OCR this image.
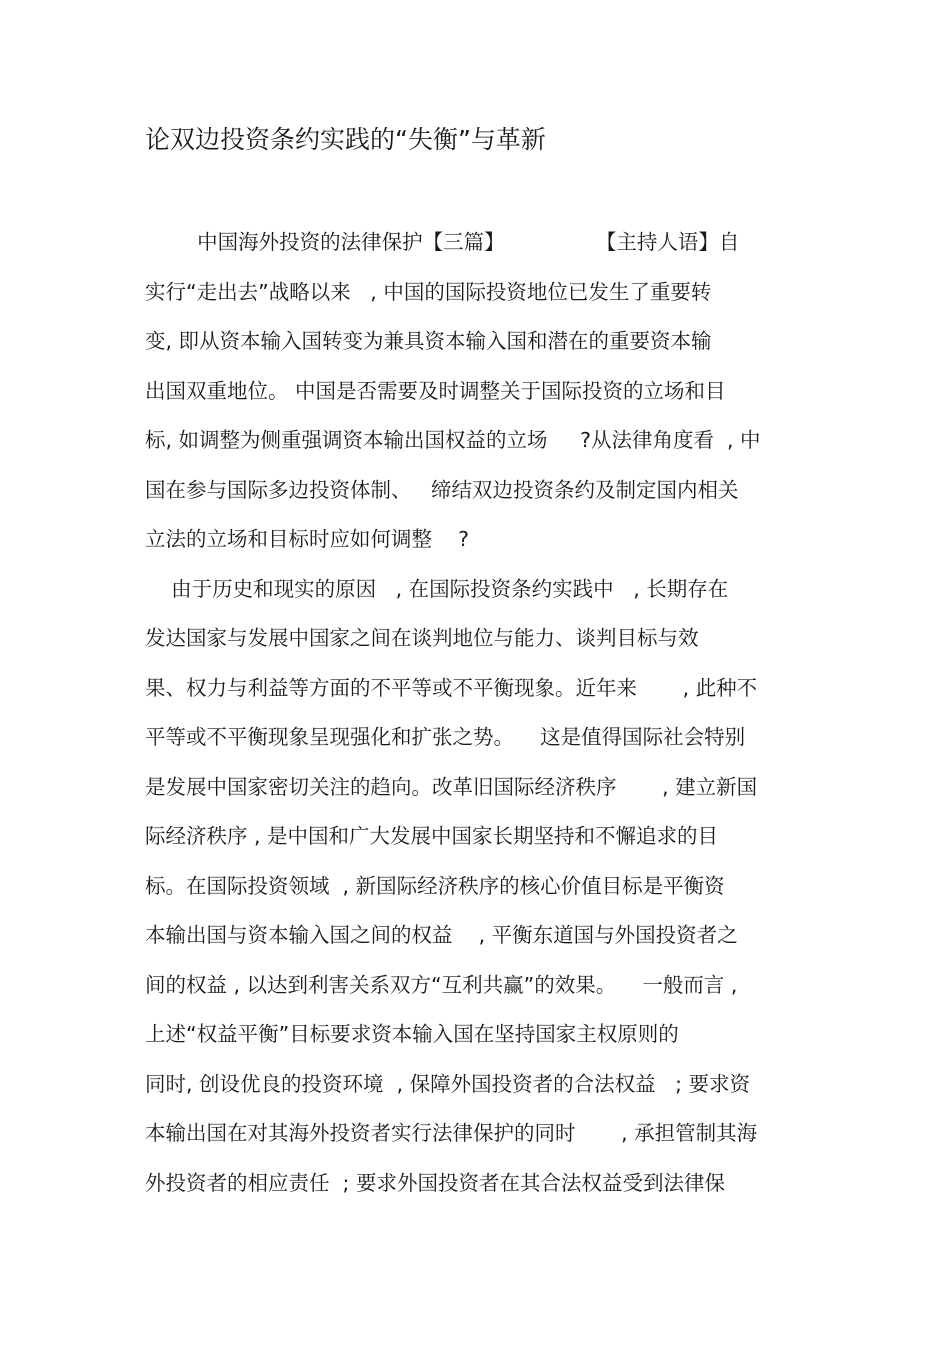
论双边投资条约实践的“失衡”与革新
中国海外投资的法律保护【三篇】              【主持人语】自
实行“走出去”战略以来   , 中国的国际投资地位已发生了重要转
变, 即从资本输入国转变为兼具资本输入国和潜在的重要资本输
出国双重地位。 中国是否需要及时调整关于国际投资的立场和目
标, 如调整为侧重强调资本输出国权益的立场     ?从法律角度看  , 中
国在参与国际多边投资体制、   缔结双边投资条约及制定国内相关
立法的立场和目标时应如何调整    ?
由于历史和现实的原因   , 在国际投资条约实践中   , 长期存在
发达国家与发展中国家之间在谈判地位与能力、谈判目标与效
果、权力与利益等方面的不平等或不平衡现象。近年来       , 此种不
平等或不平衡现象呈现强化和扩张之势。    这是值得国际社会特别
是发展中国家密切关注的趋向。改革旧国际经济秩序       , 建立新国
际经济秩序 , 是中国和广大发展中国家长期坚持和不懈追求的目
标。在国际投资领域  , 新国际经济秩序的核心价值目标是平衡资
本输出国与资本输入国之间的权益    , 平衡东道国与外国投资者之
间的权益 , 以达到利害关系双方“互利共赢”的效果。    一般而言 ,
上述“权益平衡”目标要求资本输入国在坚持国家主权原则的
同时, 创设优良的投资环境  , 保障外国投资者的合法权益   ; 要求资
本输出国在对其海外投资者实行法律保护的同时       , 承担管制其海
外投资者的相应责任  ; 要求外国投资者在其合法权益受到法律保
